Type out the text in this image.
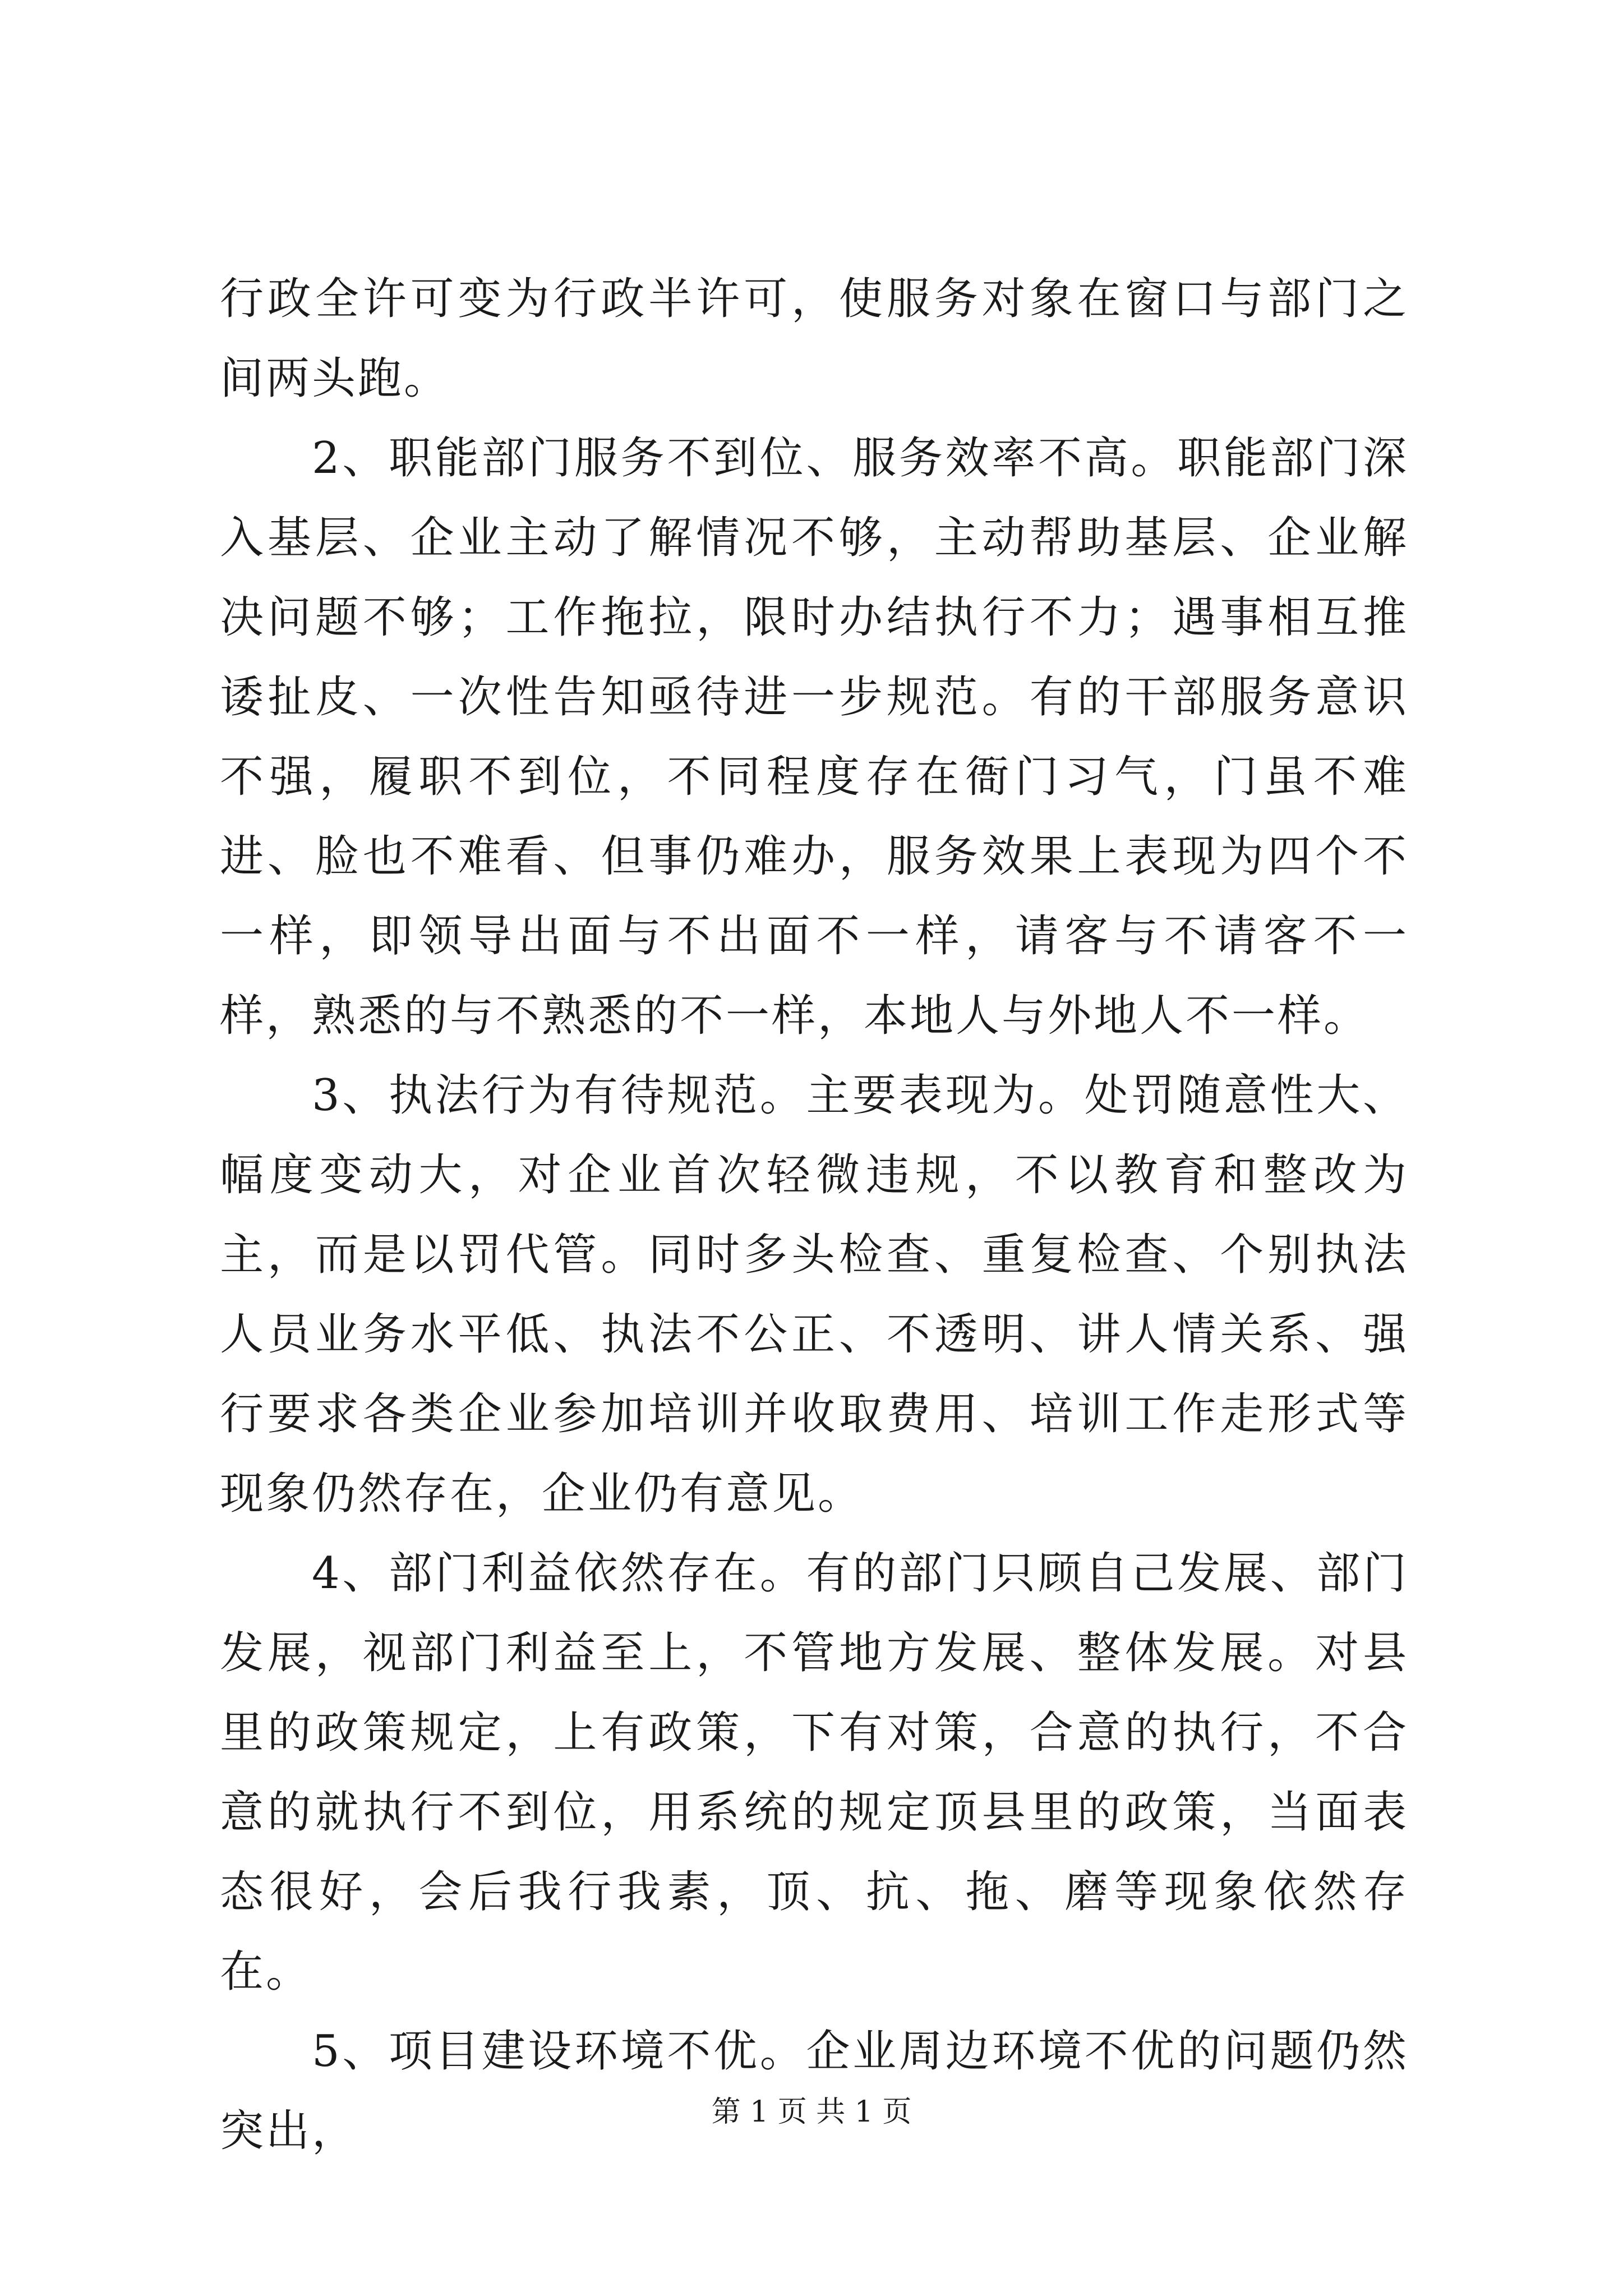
行政全许可变为行政半许可，使服务对象在窗口与部门之间两头跑。

2、职能部门服务不到位、服务效率不高。职能部门深入基层、企业主动了解情况不够，主动帮助基层、企业解决问题不够；工作拖拉，限时办结执行不力；遇事相互推诿扯皮、一次性告知亟待进一步规范。有的干部服务意识不强，履职不到位，不同程度存在衙门习气，门虽不难进、脸也不难看、但事仍难办，服务效果上表现为四个不一样，即领导出面与不出面不一样，请客与不请客不一样，熟悉的与不熟悉的不一样，本地人与外地人不一样。

3、执法行为有待规范。主要表现为。处罚随意性大、幅度变动大，对企业首次轻微违规，不以教育和整改为主，而是以罚代管。同时多头检查、重复检查、个别执法人员业务水平低、执法不公正、不透明、讲人情关系、强行要求各类企业参加培训并收取费用、培训工作走形式等现象仍然存在，企业仍有意见。

4、部门利益依然存在。有的部门只顾自己发展、部门发展，视部门利益至上，不管地方发展、整体发展。对县里的政策规定，上有政策，下有对策，合意的执行，不合意的就执行不到位，用系统的规定顶县里的政策，当面表态很好，会后我行我素，顶、抗、拖、磨等现象依然存在。

5、项目建设环境不优。企业周边环境不优的问题仍然突出，	第 1 页 共 1 页
